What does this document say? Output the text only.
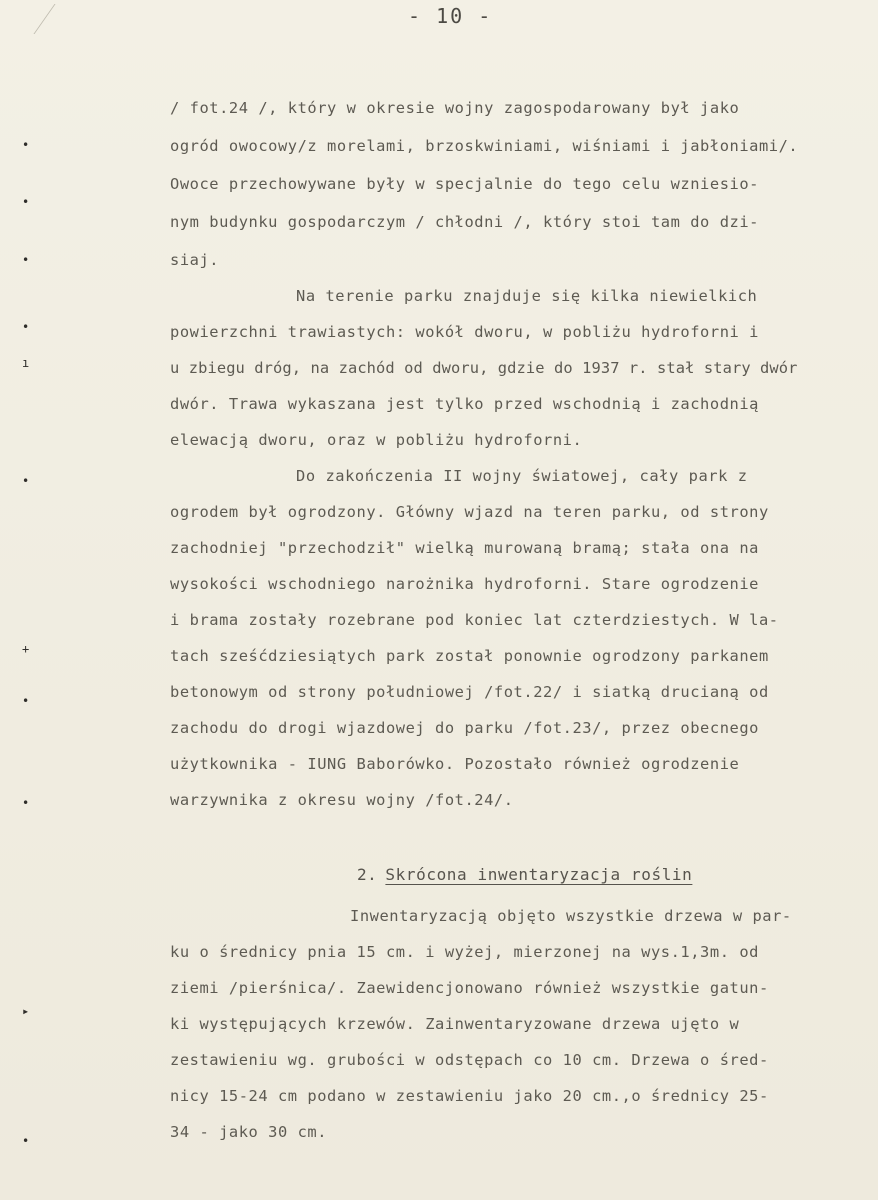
- 10 -
/ fot.24 /, który w okresie wojny zagospodarowany był jako
ogród owocowy/z morelami, brzoskwiniami, wiśniami i jabłoniami/.
Owoce przechowywane były w specjalnie do tego celu wzniesio-
nym budynku gospodarczym / chłodni /, który stoi tam do dzi-
siaj.
Na terenie parku znajduje się kilka niewielkich
powierzchni trawiastych: wokół dworu, w pobliżu hydroforni i
u zbiegu dróg, na zachód od dworu, gdzie do 1937 r. stał stary dwór
dwór. Trawa wykaszana jest tylko przed wschodnią i zachodnią
elewacją dworu, oraz w pobliżu hydroforni.
Do zakończenia II wojny światowej, cały park z
ogrodem był ogrodzony. Główny wjazd na teren parku, od strony
zachodniej "przechodził" wielką murowaną bramą; stała ona na
wysokości wschodniego narożnika hydroforni. Stare ogrodzenie
i brama zostały rozebrane pod koniec lat czterdziestych. W la-
tach sześćdziesiątych park został ponownie ogrodzony parkanem
betonowym od strony południowej /fot.22/ i siatką drucianą od
zachodu do drogi wjazdowej do parku /fot.23/, przez obecnego
użytkownika - IUNG Baborówko. Pozostało również ogrodzenie
warzywnika z okresu wojny /fot.24/.

2. Skrócona inwentaryzacja roślin

Inwentaryzacją objęto wszystkie drzewa w par-
ku o średnicy pnia 15 cm. i wyżej, mierzonej na wys.1,3m. od
ziemi /pierśnica/. Zaewidencjonowano również wszystkie gatun-
ki występujących krzewów. Zainwentaryzowane drzewa ujęto w
zestawieniu wg. grubości w odstępach co 10 cm. Drzewa o śred-
nicy 15-24 cm podano w zestawieniu jako 20 cm.,o średnicy 25-
34 - jako 30 cm.
•
•
•
•
ı
•
+
•
•
▸
•
